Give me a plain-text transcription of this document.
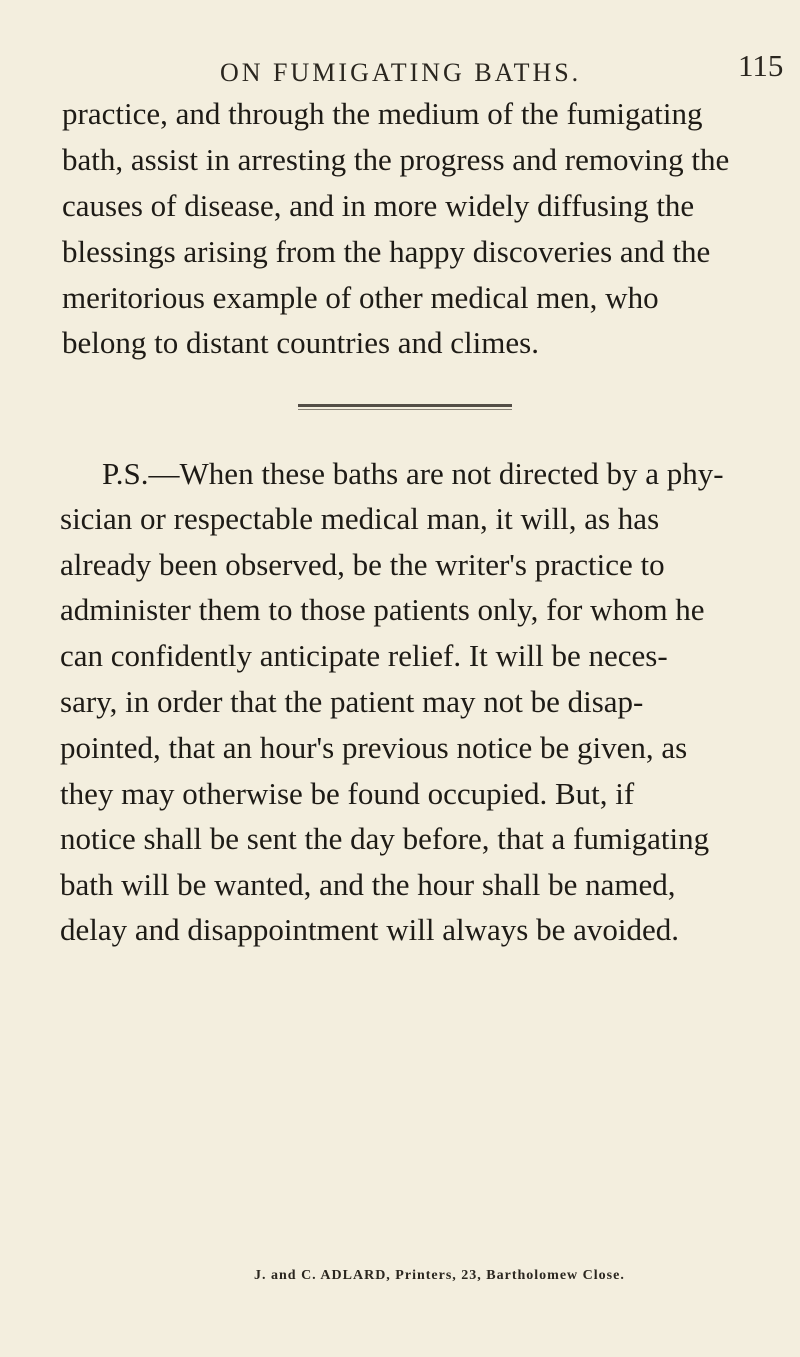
ON FUMIGATING BATHS.	115
practice, and through the medium of the fumigating
bath, assist in arresting the progress and removing the
causes of disease, and in more widely diffusing the
blessings arising from the happy discoveries and the
meritorious example of other medical men, who
belong to distant countries and climes.
P.S.—When these baths are not directed by a phy-
sician or respectable medical man, it will, as has
already been observed, be the writer's practice to
administer them to those patients only, for whom he
can confidently anticipate relief. It will be neces-
sary, in order that the patient may not be disap-
pointed, that an hour's previous notice be given, as
they may otherwise be found occupied. But, if
notice shall be sent the day before, that a fumigating
bath will be wanted, and the hour shall be named,
delay and disappointment will always be avoided.
J. and C. ADLARD, Printers, 23, Bartholomew Close.
